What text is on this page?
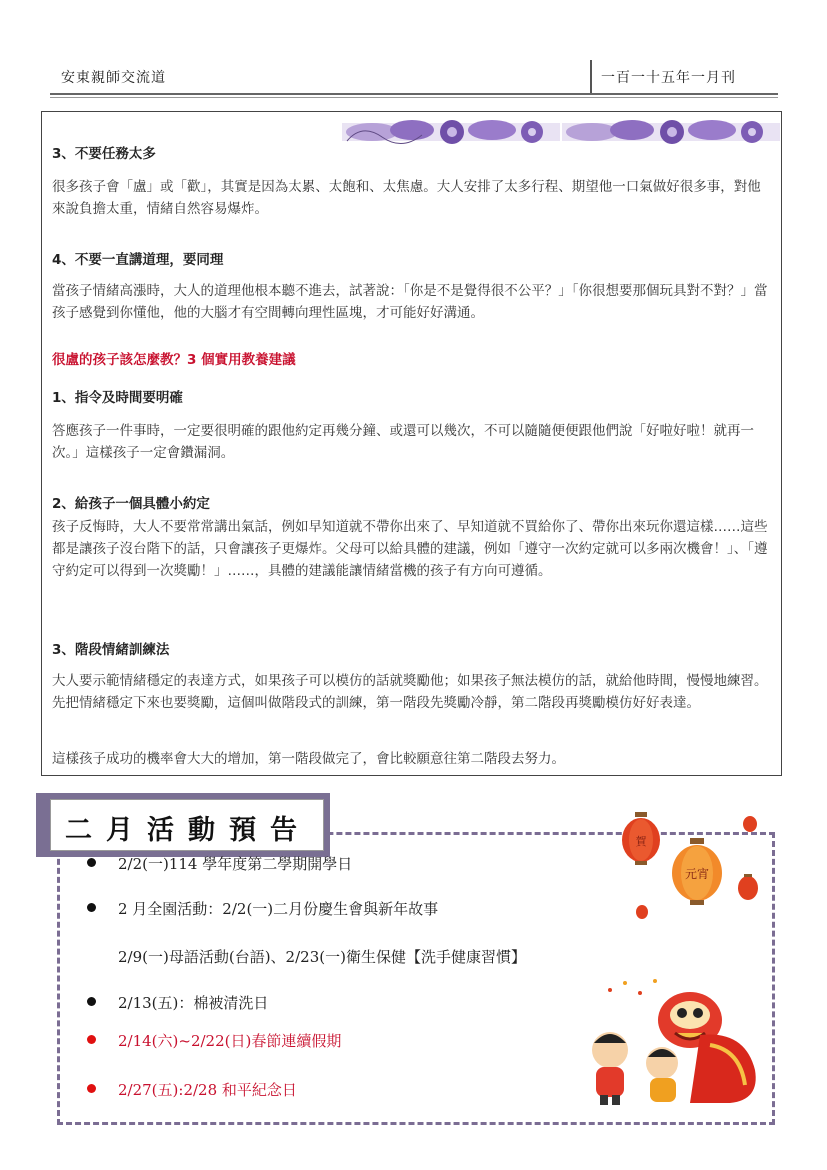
安東親師交流道	一百一十五年一月刊
3、不要任務太多
很多孩子會「盧」或「歡」，其實是因為太累、太飽和、太焦慮。大人安排了太多行程、期望他一口氣做好很多事，對他來說負擔太重，情緒自然容易爆炸。
4、不要一直講道理，要同理
當孩子情緒高漲時，大人的道理他根本聽不進去，試著說：「你是不是覺得很不公平？」「你很想要那個玩具對不對？」當孩子感覺到你懂他，他的大腦才有空間轉向理性區塊，才可能好好溝通。
很盧的孩子該怎麼教？3 個實用教養建議
1、指令及時間要明確
答應孩子一件事時，一定要很明確的跟他約定再幾分鐘、或還可以幾次，不可以隨隨便便跟他們說「好啦好啦！就再一次。」這樣孩子一定會鑽漏洞。
2、給孩子一個具體小約定
孩子反悔時，大人不要常常講出氣話，例如早知道就不帶你出來了、早知道就不買給你了、帶你出來玩你還這樣……這些都是讓孩子沒台階下的話，只會讓孩子更爆炸。父母可以給具體的建議，例如「遵守一次約定就可以多兩次機會！」、「遵守約定可以得到一次獎勵！」……，具體的建議能讓情緒當機的孩子有方向可遵循。
3、階段情緒訓練法
大人要示範情緒穩定的表達方式，如果孩子可以模仿的話就獎勵他；如果孩子無法模仿的話，就給他時間，慢慢地練習。先把情緒穩定下來也要獎勵，這個叫做階段式的訓練，第一階段先獎勵冷靜，第二階段再獎勵模仿好好表達。
這樣孩子成功的機率會大大的增加，第一階段做完了，會比較願意往第二階段去努力。
二月活動預告	賀
元宵
2/2(一)114 學年度第二學期開學日
2 月全園活動：2/2(一)二月份慶生會與新年故事
2/9(一)母語活動(台語)、2/23(一)衛生保健【洗手健康習慣】
2/13(五)：棉被清洗日
2/14(六)~2/22(日)春節連續假期
2/27(五):2/28 和平紀念日
